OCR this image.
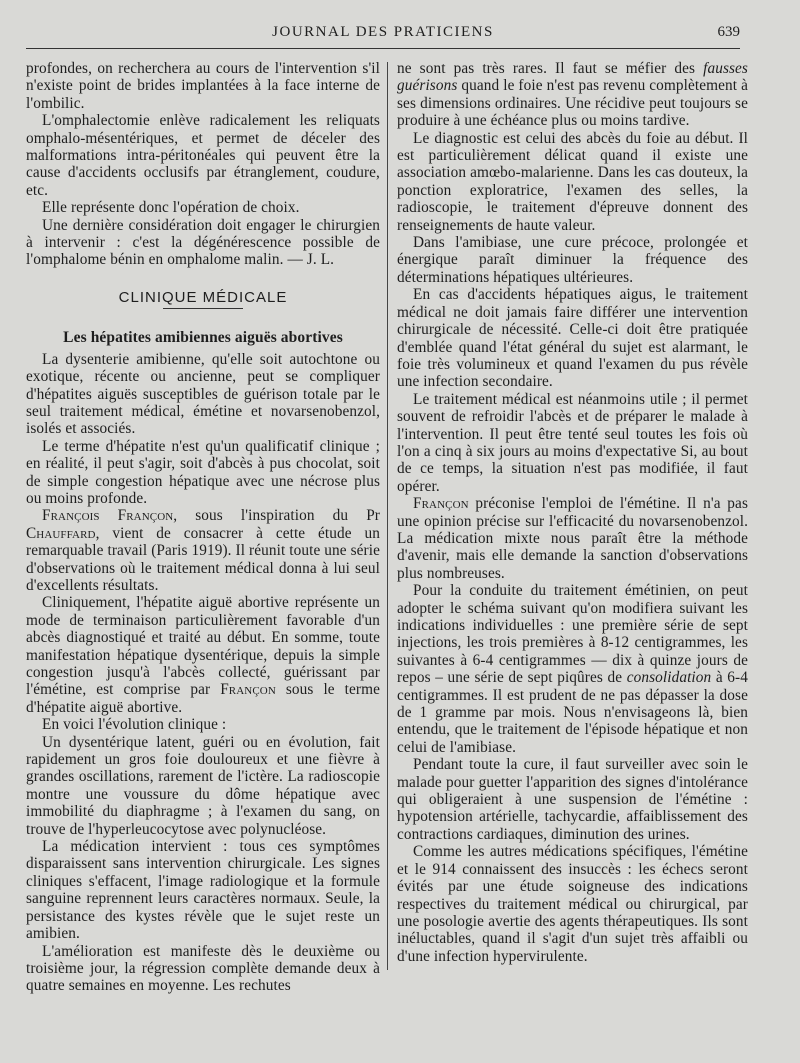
JOURNAL DES PRATICIENS	639

profondes, on recherchera au cours de l'intervention s'il n'existe point de brides implantées à la face interne de l'ombilic.

L'omphalectomie enlève radicalement les reliquats omphalo-mésentériques, et permet de déceler des malformations intra-péritonéales qui peuvent être la cause d'accidents occlusifs par étranglement, coudure, etc.

Elle représente donc l'opération de choix.

Une dernière considération doit engager le chirurgien à intervenir : c'est la dégénérescence possible de l'omphalome bénin en omphalome malin. — J. L.

CLINIQUE MÉDICALE

Les hépatites amibiennes aiguës abortives

La dysenterie amibienne, qu'elle soit autochtone ou exotique, récente ou ancienne, peut se compliquer d'hépatites aiguës susceptibles de guérison totale par le seul traitement médical, émétine et novarsenobenzol, isolés et associés.

Le terme d'hépatite n'est qu'un qualificatif clinique ; en réalité, il peut s'agir, soit d'abcès à pus chocolat, soit de simple congestion hépatique avec une nécrose plus ou moins profonde.

François Françon, sous l'inspiration du Pr Chauffard, vient de consacrer à cette étude un remarquable travail (Paris 1919). Il réunit toute une série d'observations où le traitement médical donna à lui seul d'excellents résultats.

Cliniquement, l'hépatite aiguë abortive représente un mode de terminaison particulièrement favorable d'un abcès diagnostiqué et traité au début. En somme, toute manifestation hépatique dysentérique, depuis la simple congestion jusqu'à l'abcès collecté, guérissant par l'émétine, est comprise par Françon sous le terme d'hépatite aiguë abortive.

En voici l'évolution clinique :

Un dysentérique latent, guéri ou en évolution, fait rapidement un gros foie douloureux et une fièvre à grandes oscillations, rarement de l'ictère. La radioscopie montre une voussure du dôme hépatique avec immobilité du diaphragme ; à l'examen du sang, on trouve de l'hyperleucocytose avec polynucléose.

La médication intervient : tous ces symptômes disparaissent sans intervention chirurgicale. Les signes cliniques s'effacent, l'image radiologique et la formule sanguine reprennent leurs caractères normaux. Seule, la persistance des kystes révèle que le sujet reste un amibien.

L'amélioration est manifeste dès le deuxième ou troisième jour, la régression complète demande deux à quatre semaines en moyenne. Les rechutes

ne sont pas très rares. Il faut se méfier des fausses guérisons quand le foie n'est pas revenu complètement à ses dimensions ordinaires. Une récidive peut toujours se produire à une échéance plus ou moins tardive.

Le diagnostic est celui des abcès du foie au début. Il est particulièrement délicat quand il existe une association amœbo-malarienne. Dans les cas douteux, la ponction exploratrice, l'examen des selles, la radioscopie, le traitement d'épreuve donnent des renseignements de haute valeur.

Dans l'amibiase, une cure précoce, prolongée et énergique paraît diminuer la fréquence des déterminations hépatiques ultérieures.

En cas d'accidents hépatiques aigus, le traitement médical ne doit jamais faire différer une intervention chirurgicale de nécessité. Celle-ci doit être pratiquée d'emblée quand l'état général du sujet est alarmant, le foie très volumineux et quand l'examen du pus révèle une infection secondaire.

Le traitement médical est néanmoins utile ; il permet souvent de refroidir l'abcès et de préparer le malade à l'intervention. Il peut être tenté seul toutes les fois où l'on a cinq à six jours au moins d'expectative Si, au bout de ce temps, la situation n'est pas modifiée, il faut opérer.

Françon préconise l'emploi de l'émétine. Il n'a pas une opinion précise sur l'efficacité du novarsenobenzol. La médication mixte nous paraît être la méthode d'avenir, mais elle demande la sanction d'observations plus nombreuses.

Pour la conduite du traitement émétinien, on peut adopter le schéma suivant qu'on modifiera suivant les indications individuelles : une première série de sept injections, les trois premières à 8-12 centigrammes, les suivantes à 6-4 centigrammes — dix à quinze jours de repos – une série de sept piqûres de consolidation à 6-4 centigrammes. Il est prudent de ne pas dépasser la dose de 1 gramme par mois. Nous n'envisageons là, bien entendu, que le traitement de l'épisode hépatique et non celui de l'amibiase.

Pendant toute la cure, il faut surveiller avec soin le malade pour guetter l'apparition des signes d'intolérance qui obligeraient à une suspension de l'émétine : hypotension artérielle, tachycardie, affaiblissement des contractions cardiaques, diminution des urines.

Comme les autres médications spécifiques, l'émétine et le 914 connaissent des insuccès : les échecs seront évités par une étude soigneuse des indications respectives du traitement médical ou chirurgical, par une posologie avertie des agents thérapeutiques. Ils sont inéluctables, quand il s'agit d'un sujet très affaibli ou d'une infection hypervirulente.
